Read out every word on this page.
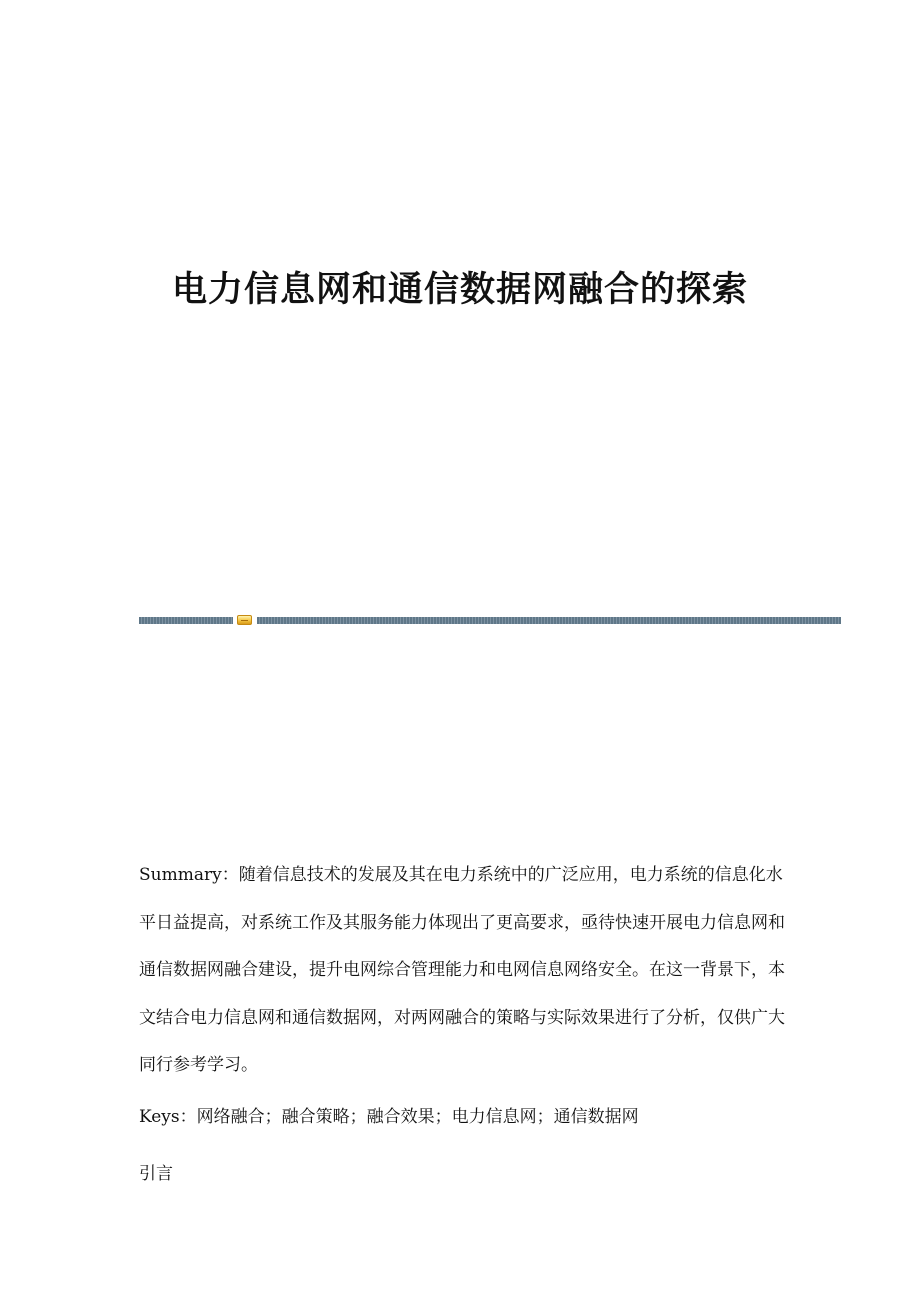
电力信息网和通信数据网融合的探索

Summary：随着信息技术的发展及其在电力系统中的广泛应用，电力系统的信息化水平日益提高，对系统工作及其服务能力体现出了更高要求，亟待快速开展电力信息网和通信数据网融合建设，提升电网综合管理能力和电网信息网络安全。在这一背景下，本文结合电力信息网和通信数据网，对两网融合的策略与实际效果进行了分析，仅供广大同行参考学习。

Keys：网络融合；融合策略；融合效果；电力信息网；通信数据网

引言
